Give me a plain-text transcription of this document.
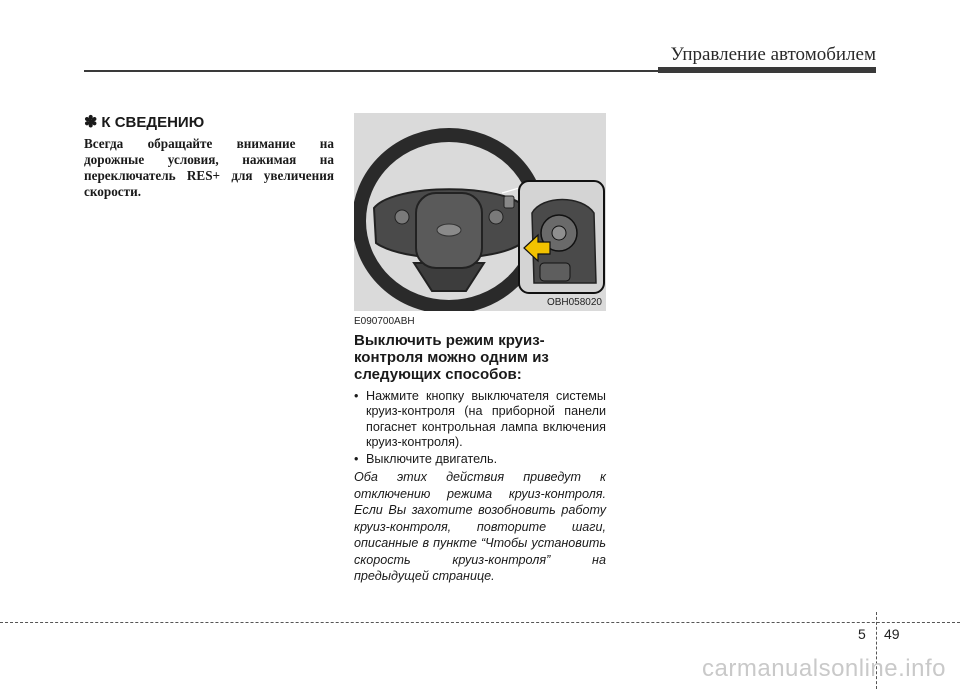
Управление автомобилем
✽ К СВЕДЕНИЮ

Всегда обращайте внимание на дорожные условия, нажимая на переключатель RES+ для увеличения скорости.

OBH058020
E090700ABH
Выключить режим круиз-контроля можно одним из следующих способов:
• Нажмите кнопку выключателя системы круиз-контроля (на приборной панели погаснет контрольная лампа включения круиз-контроля).
• Выключите двигатель.

Оба этих действия приведут к отключению режима круиз-контроля. Если Вы захотите возобновить работу круиз-контроля, повторите шаги, описанные в пункте “Чтобы установить скорость круиз-контроля” на предыдущей странице.

5 49
carmanualsonline.info
